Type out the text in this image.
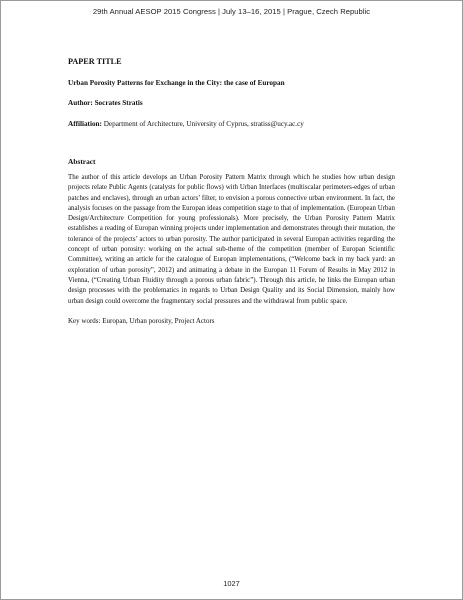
29th Annual AESOP 2015 Congress | July 13–16, 2015 | Prague, Czech Republic
PAPER TITLE
Urban Porosity Patterns for Exchange in the City: the case of Europan
Author: Socrates Stratis
Affiliation: Department of Architecture, University of Cyprus, stratiss@ucy.ac.cy
Abstract
The author of this article develops an Urban Porosity Pattern Matrix through which he studies how urban design projects relate Public Agents (catalysts for public flows) with Urban Interfaces (multiscalar perimeters-edges of urban patches and enclaves), through an urban actors’ filter, to envision a porous connective urban environment. In fact, the analysis focuses on the passage from the Europan ideas competition stage to that of implementation. (European Urban Design/Architecture Competition for young professionals). More precisely, the Urban Porosity Pattern Matrix establishes a reading of Europan winning projects under implementation and demonstrates through their mutation, the tolerance of the projects’ actors to urban porosity. The author participated in several Europan activities regarding the concept of urban porosity: working on the actual sub-theme of the competition (member of Europan Scientific Committee), writing an article for the catalogue of Europan implementations, (“Welcome back in my back yard: an exploration of urban porosity”, 2012) and animating a debate in the Europan 11 Forum of Results in May 2012 in Vienna, (“Creating Urban Fluidity through a porous urban fabric”). Through this article, he links the Europan urban design processes with the problematics in regards to Urban Design Quality and its Social Dimension, mainly how urban design could overcome the fragmentary social pressures and the withdrawal from public space.
Key words: Europan, Urban porosity, Project Actors
1027
